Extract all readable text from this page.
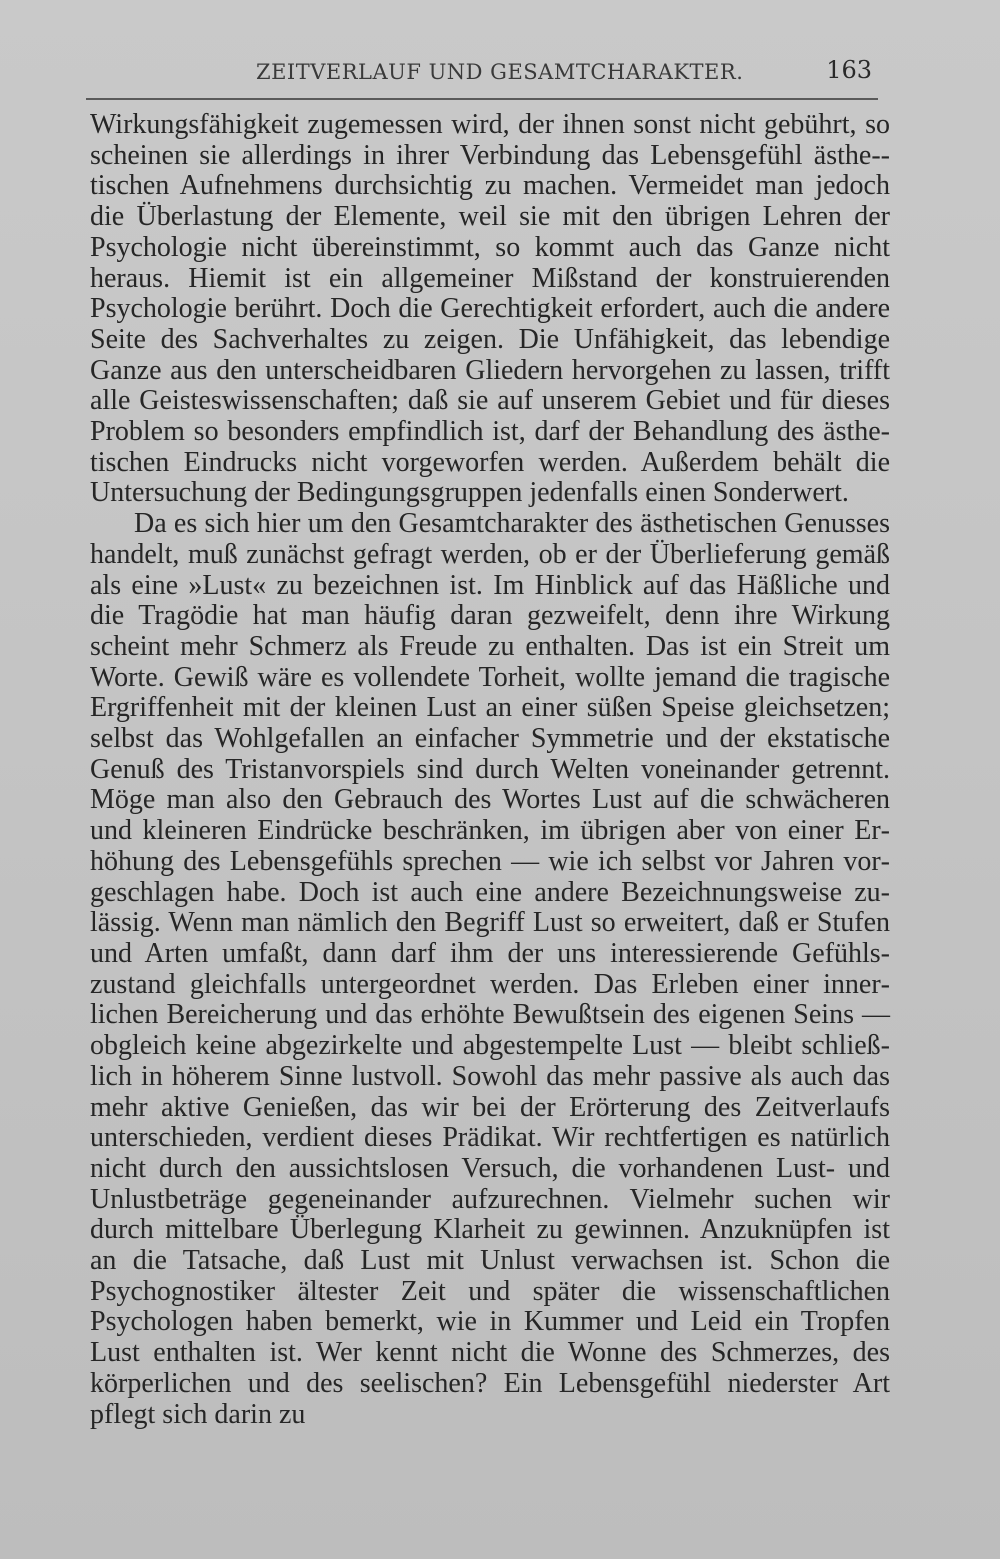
ZEITVERLAUF UND GESAMTCHARAKTER.	163

Wirkungsfähigkeit zugemessen wird, der ihnen sonst nicht gebührt, so scheinen sie allerdings in ihrer Verbindung das Lebensgefühl ästhe-tischen Aufnehmens durchsichtig zu machen. Vermeidet man jedoch die Überlastung der Elemente, weil sie mit den übrigen Lehren der Psychologie nicht übereinstimmt, so kommt auch das Ganze nicht heraus. Hiemit ist ein allgemeiner Mißstand der konstruierenden Psychologie berührt. Doch die Gerechtigkeit erfordert, auch die andere Seite des Sachverhaltes zu zeigen. Die Unfähigkeit, das lebendige Ganze aus den unterscheidbaren Gliedern hervorgehen zu lassen, trifft alle Geisteswissenschaften; daß sie auf unserem Gebiet und für dieses Problem so besonders empfindlich ist, darf der Behandlung des ästhetischen Eindrucks nicht vorgeworfen werden. Außerdem behält die Untersuchung der Bedingungsgruppen jedenfalls einen Sonderwert.

Da es sich hier um den Gesamtcharakter des ästhetischen Genusses handelt, muß zunächst gefragt werden, ob er der Überlieferung gemäß als eine »Lust« zu bezeichnen ist. Im Hinblick auf das Häßliche und die Tragödie hat man häufig daran gezweifelt, denn ihre Wirkung scheint mehr Schmerz als Freude zu enthalten. Das ist ein Streit um Worte. Gewiß wäre es vollendete Torheit, wollte jemand die tragische Ergriffenheit mit der kleinen Lust an einer süßen Speise gleichsetzen; selbst das Wohlgefallen an einfacher Symmetrie und der ekstatische Genuß des Tristanvorspiels sind durch Welten voneinander getrennt. Möge man also den Gebrauch des Wortes Lust auf die schwächeren und kleineren Eindrücke beschränken, im übrigen aber von einer Erhöhung des Lebensgefühls sprechen — wie ich selbst vor Jahren vorgeschlagen habe. Doch ist auch eine andere Bezeichnungsweise zulässig. Wenn man nämlich den Begriff Lust so erweitert, daß er Stufen und Arten umfaßt, dann darf ihm der uns interessierende Gefühlszustand gleichfalls untergeordnet werden. Das Erleben einer innerlichen Bereicherung und das erhöhte Bewußtsein des eigenen Seins — obgleich keine abgezirkelte und abgestempelte Lust — bleibt schließlich in höherem Sinne lustvoll. Sowohl das mehr passive als auch das mehr aktive Genießen, das wir bei der Erörterung des Zeitverlaufs unterschieden, verdient dieses Prädikat. Wir rechtfertigen es natürlich nicht durch den aussichtslosen Versuch, die vorhandenen Lust- und Unlustbeträge gegeneinander aufzurechnen. Vielmehr suchen wir durch mittelbare Überlegung Klarheit zu gewinnen. Anzuknüpfen ist an die Tatsache, daß Lust mit Unlust verwachsen ist. Schon die Psychognostiker ältester Zeit und später die wissenschaftlichen Psychologen haben bemerkt, wie in Kummer und Leid ein Tropfen Lust enthalten ist. Wer kennt nicht die Wonne des Schmerzes, des körperlichen und des seelischen? Ein Lebensgefühl niederster Art pflegt sich darin zu
